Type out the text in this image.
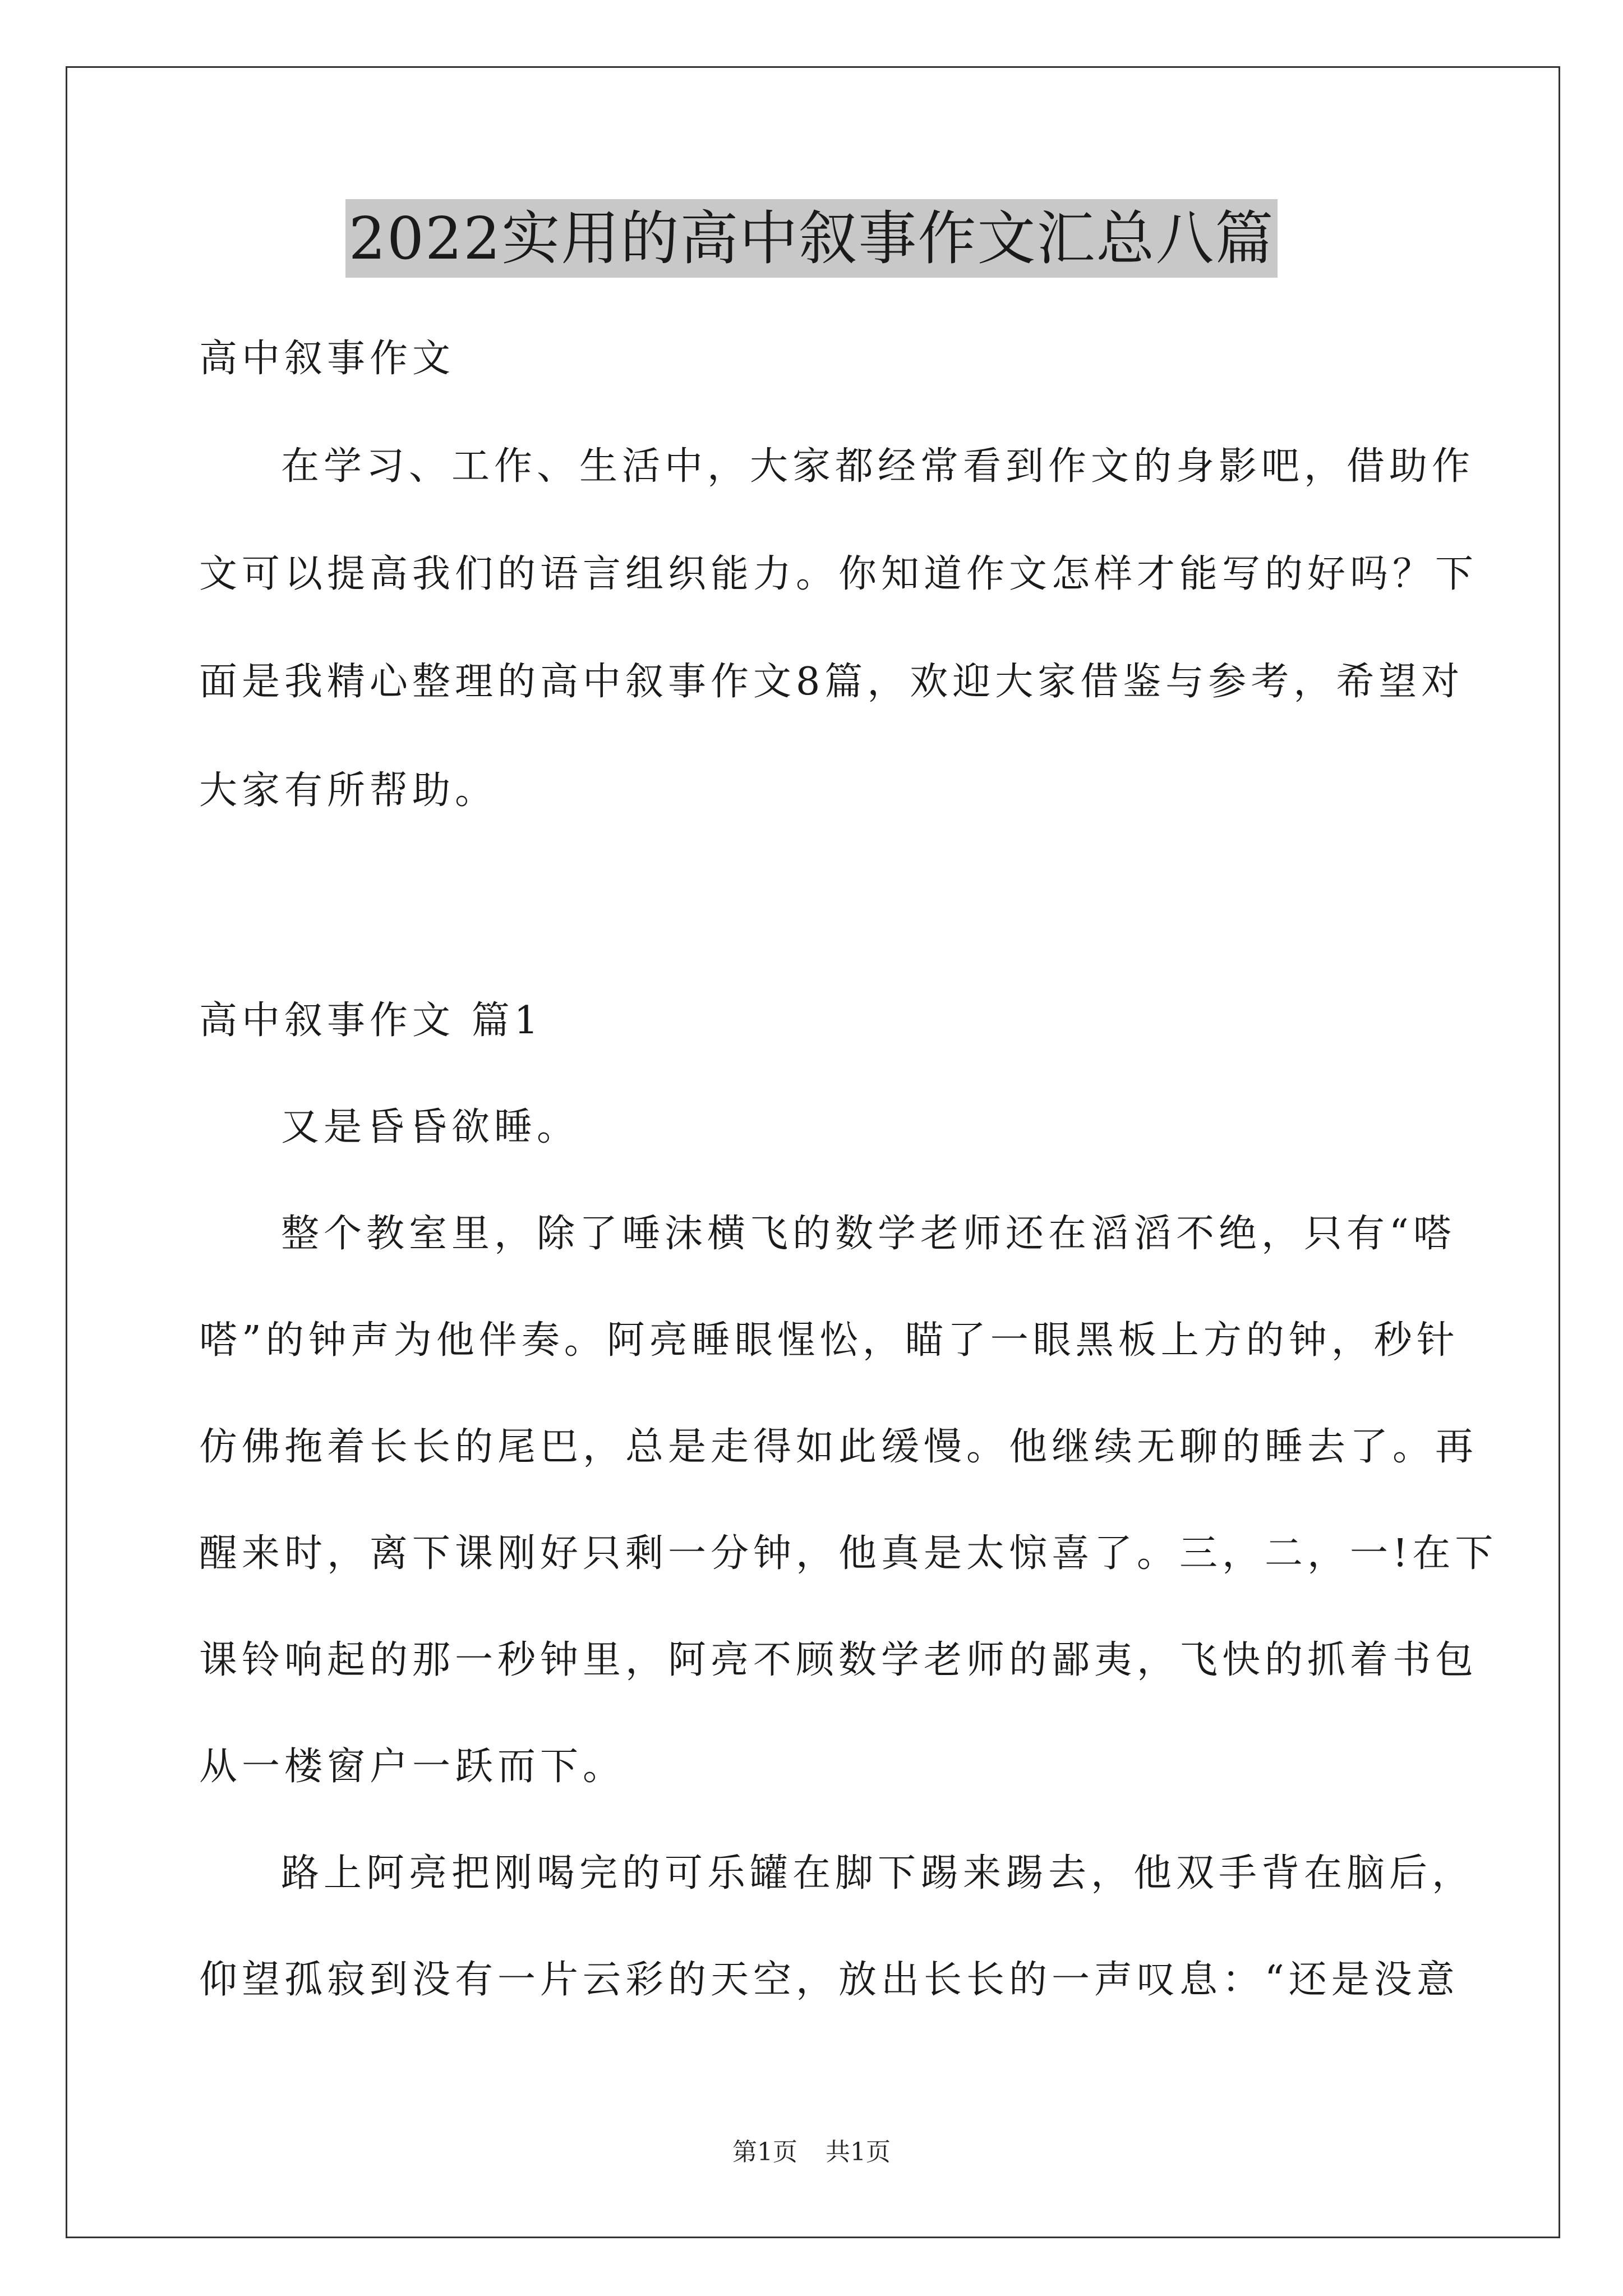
2022实用的高中叙事作文汇总八篇
高中叙事作文
在学习、工作、生活中，大家都经常看到作文的身影吧，借助作
文可以提高我们的语言组织能力。你知道作文怎样才能写的好吗？下
面是我精心整理的高中叙事作文8篇，欢迎大家借鉴与参考，希望对
大家有所帮助。
高中叙事作文 篇1
又是昏昏欲睡。
整个教室里，除了唾沫横飞的数学老师还在滔滔不绝，只有“嗒
嗒”的钟声为他伴奏。阿亮睡眼惺忪，瞄了一眼黑板上方的钟，秒针
仿佛拖着长长的尾巴，总是走得如此缓慢。他继续无聊的睡去了。再
醒来时，离下课刚好只剩一分钟，他真是太惊喜了。三，二，一!在下
课铃响起的那一秒钟里，阿亮不顾数学老师的鄙夷，飞快的抓着书包
从一楼窗户一跃而下。
路上阿亮把刚喝完的可乐罐在脚下踢来踢去，他双手背在脑后，
仰望孤寂到没有一片云彩的天空，放出长长的一声叹息：“还是没意
第1页 共1页
